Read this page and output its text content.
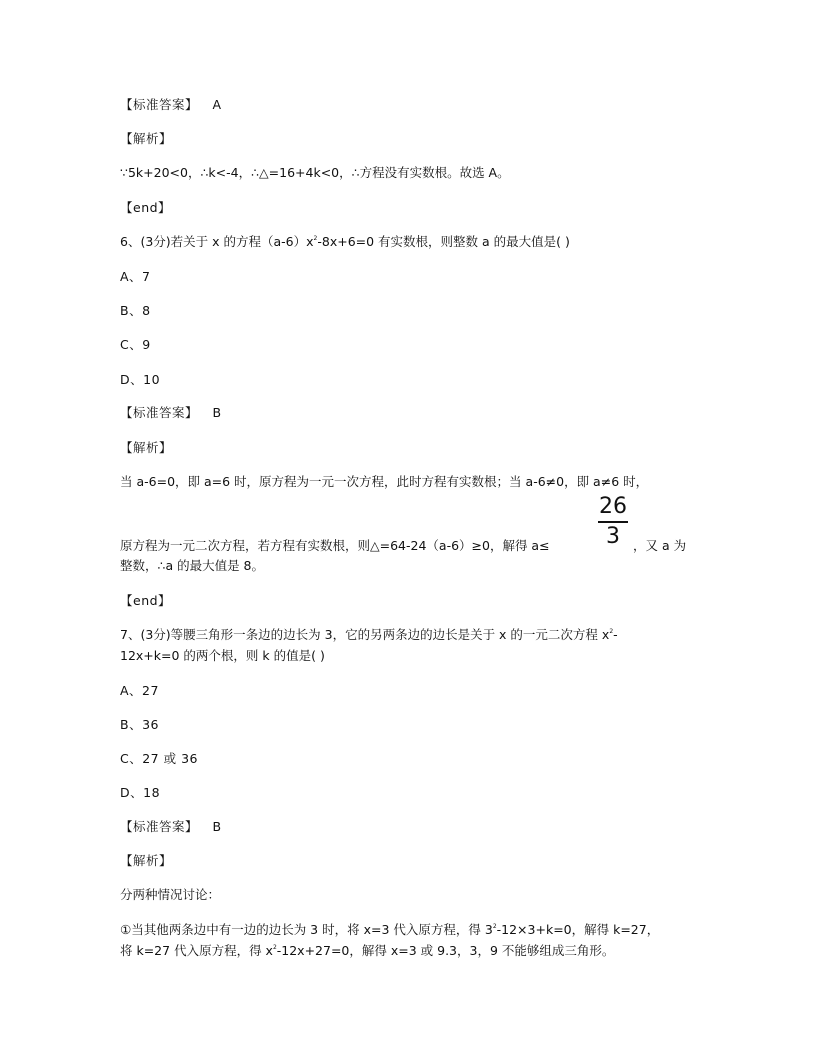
【标准答案】 A
【解析】
∵5k+20<0，∴k<-4，∴△=16+4k<0，∴方程没有实数根。故选 A。
【end】
6、(3分)若关于 x 的方程$(a-6)x^2-8x+6=0$ 有实数根，则整数 a 的最大值是( )
A、7
B、8
C、9
D、10
【标准答案】 B
【解析】
当 a-6=0，即 a=6 时，原方程为一元一次方程，此时方程有实数根；当 a-6≠0，即 a≠6 时，
原方程为一元二次方程，若方程有实数根，则△=64-24（a-6）≥0，解得 a≤
26
3	，又 a 为
整数，∴a 的最大值是 8。
【end】
7、(3分)等腰三角形一条边的边长为 3，它的另两条边的边长是关于 x 的一元二次方程 $x^2-$
12x+k=0 的两个根，则 k 的值是( )
A、27
B、36
C、27 或 36
D、18
【标准答案】 B
【解析】
分两种情况讨论：
①当其他两条边中有一边的边长为 3 时，将 x=3 代入原方程，得 $3^2-12\times 3+k=0$，解得 k=27，
将 k=27 代入原方程，得 $x^2-12x+27=0$，解得 x=3 或 9.3，3，9 不能够组成三角形。
